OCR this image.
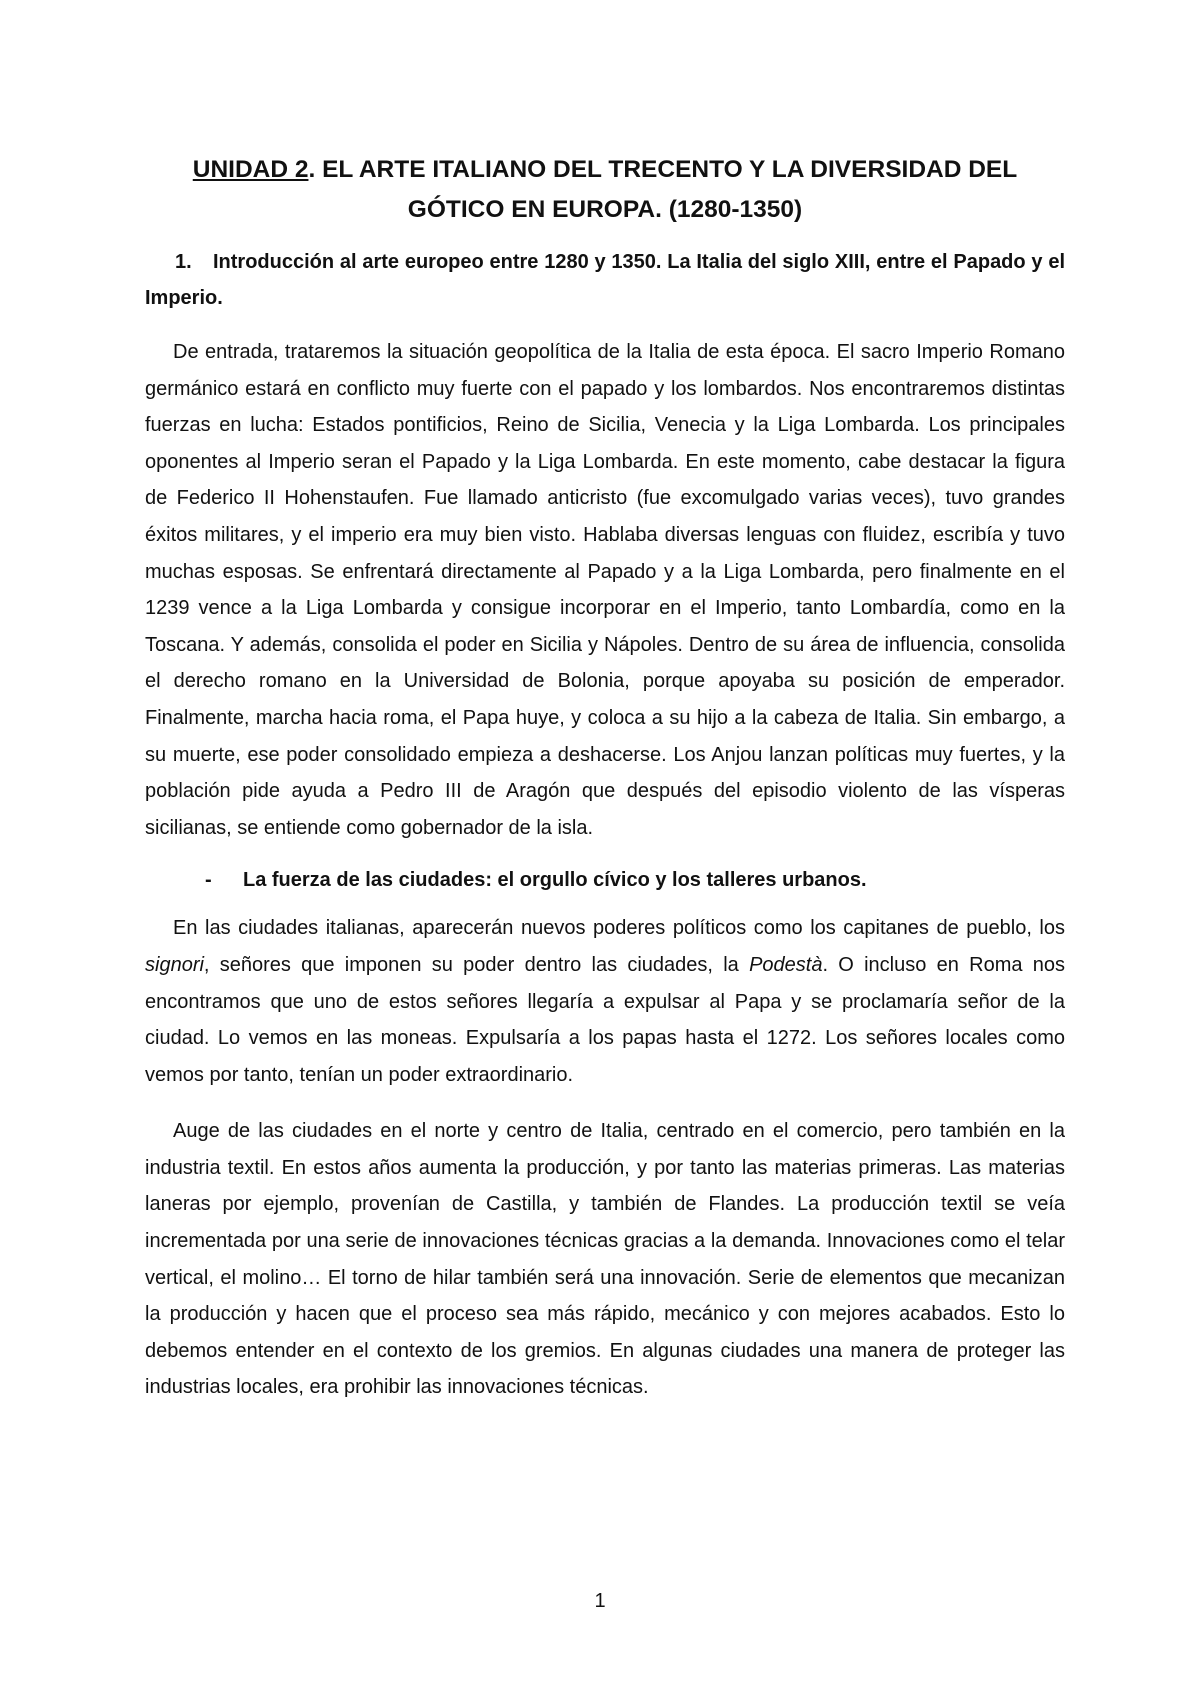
UNIDAD 2. EL ARTE ITALIANO DEL TRECENTO Y LA DIVERSIDAD DEL
GÓTICO EN EUROPA. (1280-1350)
1. Introducción al arte europeo entre 1280 y 1350. La Italia del siglo XIII, entre el Papado y el Imperio.

De entrada, trataremos la situación geopolítica de la Italia de esta época. El sacro Imperio Romano germánico estará en conflicto muy fuerte con el papado y los lombardos. Nos encontraremos distintas fuerzas en lucha: Estados pontificios, Reino de Sicilia, Venecia y la Liga Lombarda. Los principales oponentes al Imperio seran el Papado y la Liga Lombarda. En este momento, cabe destacar la figura de Federico II Hohenstaufen. Fue llamado anticristo (fue excomulgado varias veces), tuvo grandes éxitos militares, y el imperio era muy bien visto. Hablaba diversas lenguas con fluidez, escribía y tuvo muchas esposas. Se enfrentará directamente al Papado y a la Liga Lombarda, pero finalmente en el 1239 vence a la Liga Lombarda y consigue incorporar en el Imperio, tanto Lombardía, como en la Toscana. Y además, consolida el poder en Sicilia y Nápoles. Dentro de su área de influencia, consolida el derecho romano en la Universidad de Bolonia, porque apoyaba su posición de emperador. Finalmente, marcha hacia roma, el Papa huye, y coloca a su hijo a la cabeza de Italia. Sin embargo, a su muerte, ese poder consolidado empieza a deshacerse. Los Anjou lanzan políticas muy fuertes, y la población pide ayuda a Pedro III de Aragón que después del episodio violento de las vísperas sicilianas, se entiende como gobernador de la isla.

- La fuerza de las ciudades: el orgullo cívico y los talleres urbanos.

En las ciudades italianas, aparecerán nuevos poderes políticos como los capitanes de pueblo, los signori, señores que imponen su poder dentro las ciudades, la Podestà. O incluso en Roma nos encontramos que uno de estos señores llegaría a expulsar al Papa y se proclamaría señor de la ciudad. Lo vemos en las moneas. Expulsaría a los papas hasta el 1272. Los señores locales como vemos por tanto, tenían un poder extraordinario.

Auge de las ciudades en el norte y centro de Italia, centrado en el comercio, pero también en la industria textil. En estos años aumenta la producción, y por tanto las materias primeras. Las materias laneras por ejemplo, provenían de Castilla, y también de Flandes. La producción textil se veía incrementada por una serie de innovaciones técnicas gracias a la demanda. Innovaciones como el telar vertical, el molino… El torno de hilar también será una innovación. Serie de elementos que mecanizan la producción y hacen que el proceso sea más rápido, mecánico y con mejores acabados. Esto lo debemos entender en el contexto de los gremios. En algunas ciudades una manera de proteger las industrias locales, era prohibir las innovaciones técnicas.

1
